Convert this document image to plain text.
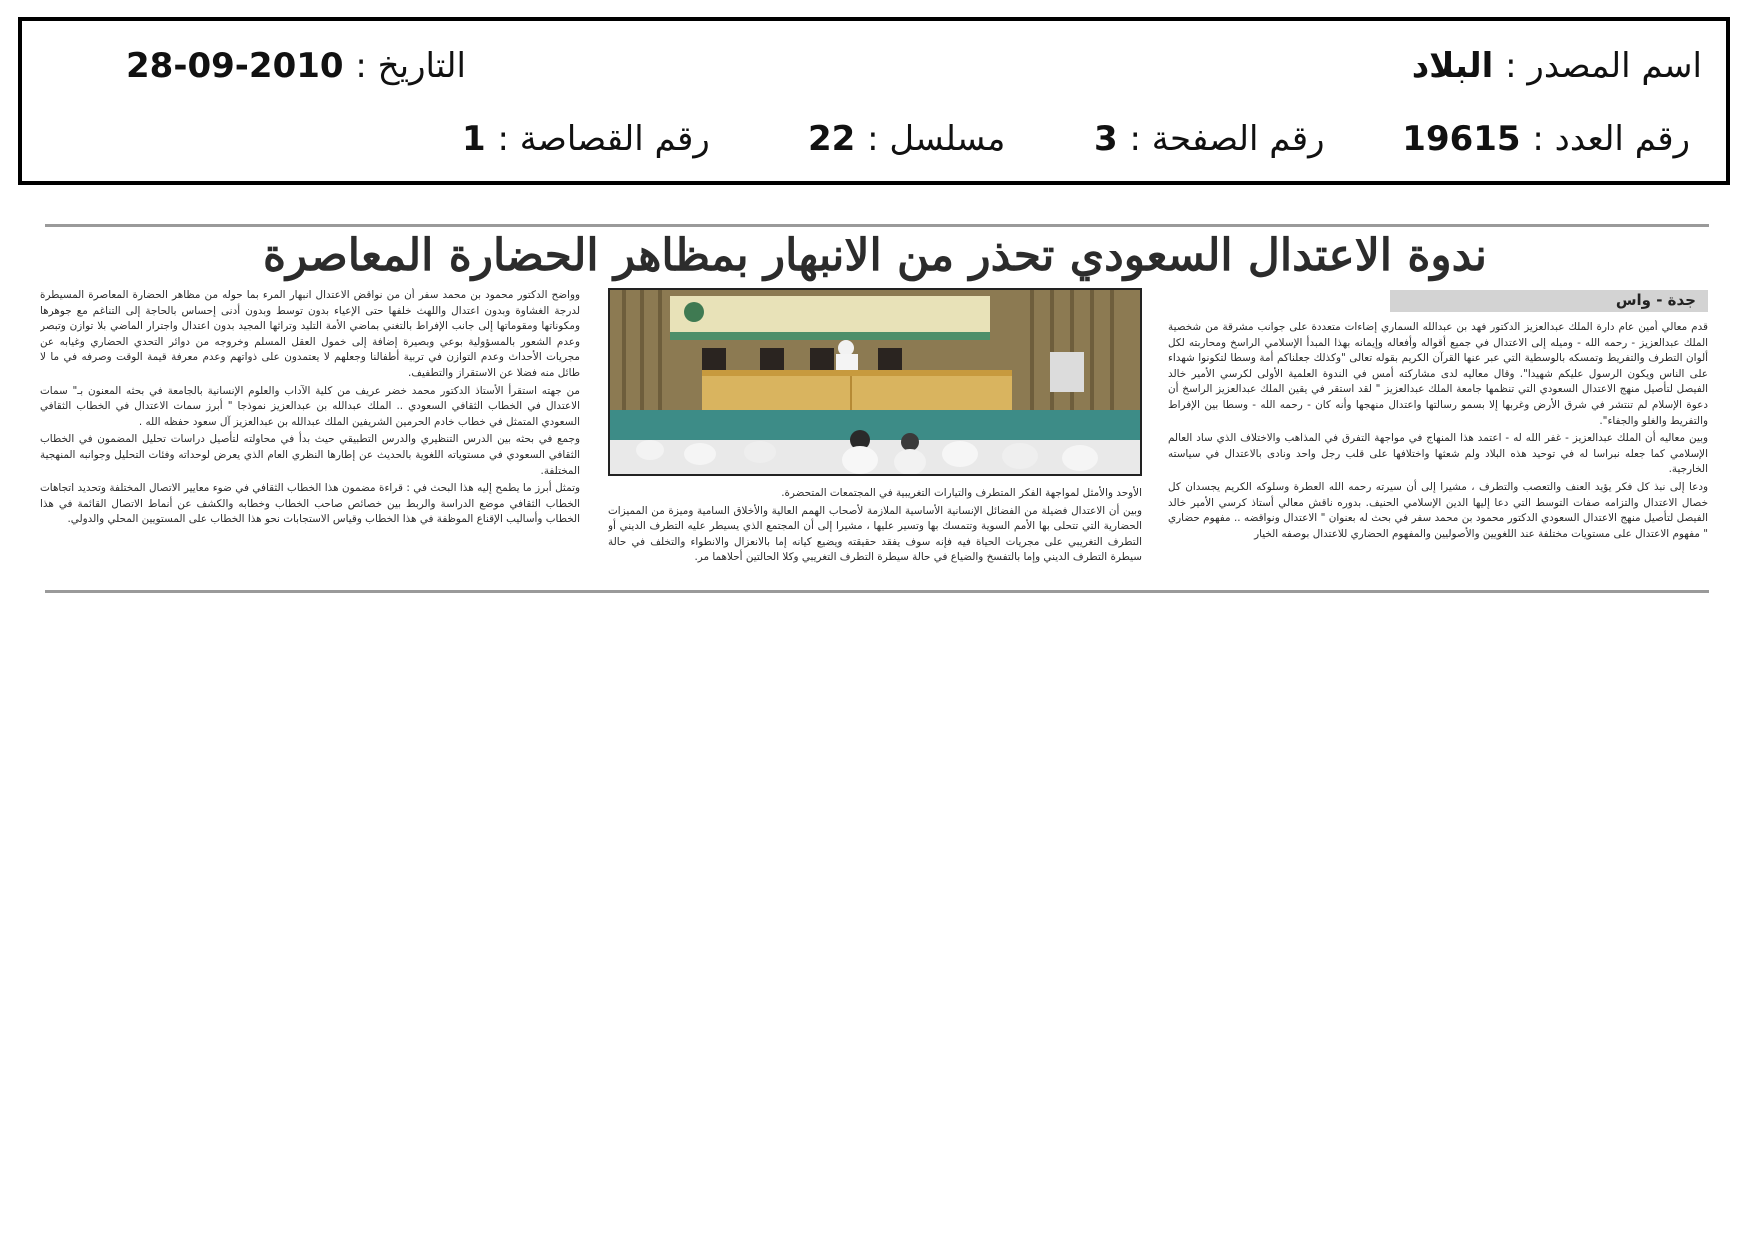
اسم المصدر : البلاد
التاريخ : 2010-09-28
رقم العدد : 19615
رقم الصفحة : 3
مسلسل : 22
رقم القصاصة : 1
ندوة الاعتدال السعودي تحذر من الانبهار بمظاهر الحضارة المعاصرة
جدة - واس

قدم معالي أمين عام دارة الملك عبدالعزيز الدكتور فهد بن عبدالله السماري إضاءات متعددة على جوانب مشرقة من شخصية الملك عبدالعزيز - رحمه الله - وميله إلى الاعتدال في جميع أقواله وأفعاله وإيمانه بهذا المبدأ الإسلامي الراسخ ومحاربته لكل ألوان التطرف والتفريط وتمسكه بالوسطية التي عبر عنها القرآن الكريم بقوله تعالى "وكذلك جعلناكم أمة وسطا لتكونوا شهداء على الناس ويكون الرسول عليكم شهيدا". وقال معاليه لدى مشاركته أمس في الندوة العلمية الأولى لكرسي الأمير خالد الفيصل لتأصيل منهج الاعتدال السعودي التي تنظمها جامعة الملك عبدالعزيز " لقد استقر في يقين الملك عبدالعزيز الراسخ أن دعوة الإسلام لم تنتشر في شرق الأرض وغربها إلا بسمو رسالتها واعتدال منهجها وأنه كان - رحمه الله - وسطا بين الإفراط والتفريط والغلو والجفاء".

وبين معاليه أن الملك عبدالعزيز - غفر الله له - اعتمد هذا المنهاج في مواجهة التفرق في المذاهب والاختلاف الذي ساد العالم الإسلامي كما جعله نبراسا له في توحيد هذه البلاد ولم شعثها واختلافها على قلب رجل واحد ونادى بالاعتدال في سياسته الخارجية.

ودعا إلى نبذ كل فكر يؤيد العنف والتعصب والتطرف ، مشيرا إلى أن سيرته رحمه الله العطرة وسلوكه الكريم يجسدان كل خصال الاعتدال والتزامه صفات التوسط التي دعا إليها الدين الإسلامي الحنيف. بدوره ناقش معالي أستاذ كرسي الأمير خالد الفيصل لتأصيل منهج الاعتدال السعودي الدكتور محمود بن محمد سفر في بحث له بعنوان " الاعتدال ونواقضه .. مفهوم حضاري " مفهوم الاعتدال على مستويات مختلفة عند اللغويين والأصوليين والمفهوم الحضاري للاعتدال بوصفه الخيار

الأوحد والأمثل لمواجهة الفكر المتطرف والتيارات التغريبية في المجتمعات المتحضرة.

وبين أن الاعتدال فضيلة من الفضائل الإنسانية الأساسية الملازمة لأصحاب الهمم العالية والأخلاق السامية وميزة من المميزات الحضارية التي تتحلى بها الأمم السوية وتتمسك بها وتسير عليها ، مشيرا إلى أن المجتمع الذي يسيطر عليه التطرف الديني أو التطرف التغريبي على مجريات الحياة فيه فإنه سوف يفقد حقيقته ويضيع كيانه إما بالانعزال والانطواء والتخلف في حالة سيطرة التطرف الديني وإما بالتفسخ والضياع في حالة سيطرة التطرف التغريبي وكلا الحالتين أحلاهما مر.

وواضح الدكتور محمود بن محمد سفر أن من نواقض الاعتدال انبهار المرء بما حوله من مظاهر الحضارة المعاصرة المسيطرة لدرجة الغشاوة وبدون اعتدال واللهث خلفها حتى الإعياء بدون توسط وبدون أدنى إحساس بالحاجة إلى التناغم مع جوهرها ومكوناتها ومقوماتها إلى جانب الإفراط بالتغني بماضي الأمة التليد وتراثها المجيد بدون اعتدال واجترار الماضي بلا توازن وتبصر وعدم الشعور بالمسؤولية بوعي وبصيرة إضافة إلى خمول العقل المسلم وخروجه من دوائر التحدي الحضاري وغيابه عن مجريات الأحداث وعدم التوازن في تربية أطفالنا وجعلهم لا يعتمدون على ذواتهم وعدم معرفة قيمة الوقت وصرفه في ما لا طائل منه فضلا عن الاستقراز والتطفيف.

من جهته استقرأ الأستاذ الدكتور محمد خضر عريف من كلية الآداب والعلوم الإنسانية بالجامعة في بحثه المعنون بـ" سمات الاعتدال في الخطاب الثقافي السعودي .. الملك عبدالله بن عبدالعزيز نموذجا " أبرز سمات الاعتدال في الخطاب الثقافي السعودي المتمثل في خطاب خادم الحرمين الشريفين الملك عبدالله بن عبدالعزيز آل سعود حفظه الله .

وجمع في بحثه بين الدرس التنظيري والدرس التطبيقي حيث بدأ في محاولته لتأصيل دراسات تحليل المضمون في الخطاب الثقافي السعودي في مستوياته اللغوية بالحديث عن إطارها النظري العام الذي يعرض لوحداته وفئات التحليل وجوانبه المنهجية المختلفة.

وتمثل أبرز ما يطمح إليه هذا البحث في : قراءة مضمون هذا الخطاب الثقافي في ضوء معايير الاتصال المختلفة وتحديد اتجاهات الخطاب الثقافي موضع الدراسة والربط بين خصائص صاحب الخطاب وخطابه والكشف عن أنماط الاتصال القائمة في هذا الخطاب وأساليب الإقناع الموظفة في هذا الخطاب وقياس الاستجابات نحو هذا الخطاب على المستويين المحلي والدولي.
